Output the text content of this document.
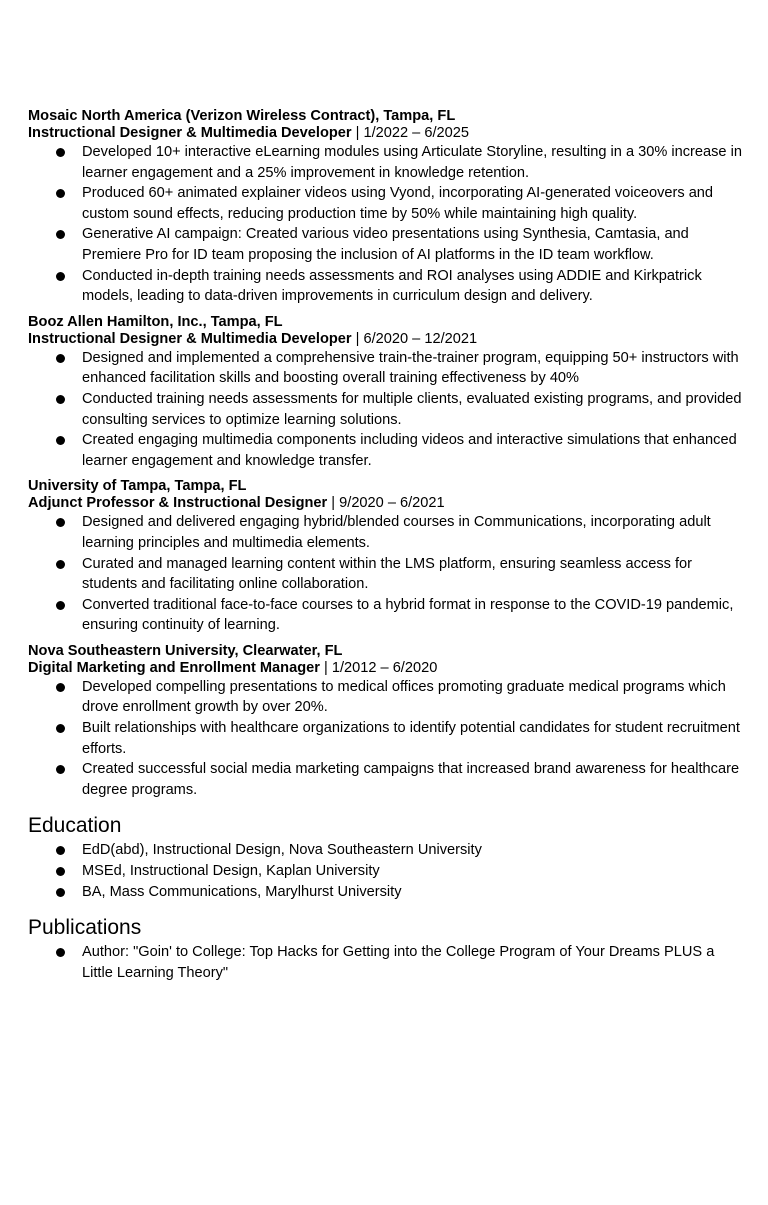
Mosaic North America (Verizon Wireless Contract), Tampa, FL

Instructional Designer & Multimedia Developer | 1/2022 – 6/2025

Developed 10+ interactive eLearning modules using Articulate Storyline, resulting in a 30% increase in learner engagement and a 25% improvement in knowledge retention.
Produced 60+ animated explainer videos using Vyond, incorporating AI-generated voiceovers and custom sound effects, reducing production time by 50% while maintaining high quality.
Generative AI campaign: Created various video presentations using Synthesia, Camtasia, and Premiere Pro for ID team proposing the inclusion of AI platforms in the ID team workflow.
Conducted in-depth training needs assessments and ROI analyses using ADDIE and Kirkpatrick models, leading to data-driven improvements in curriculum design and delivery.

Booz Allen Hamilton, Inc., Tampa, FL

Instructional Designer & Multimedia Developer | 6/2020 – 12/2021

Designed and implemented a comprehensive train-the-trainer program, equipping 50+ instructors with enhanced facilitation skills and boosting overall training effectiveness by 40%
Conducted training needs assessments for multiple clients, evaluated existing programs, and provided consulting services to optimize learning solutions.
Created engaging multimedia components including videos and interactive simulations that enhanced learner engagement and knowledge transfer.

University of Tampa, Tampa, FL

Adjunct Professor & Instructional Designer | 9/2020 – 6/2021

Designed and delivered engaging hybrid/blended courses in Communications, incorporating adult learning principles and multimedia elements.
Curated and managed learning content within the LMS platform, ensuring seamless access for students and facilitating online collaboration.
Converted traditional face-to-face courses to a hybrid format in response to the COVID-19 pandemic, ensuring continuity of learning.

Nova Southeastern University, Clearwater, FL

Digital Marketing and Enrollment Manager | 1/2012 – 6/2020

Developed compelling presentations to medical offices promoting graduate medical programs which drove enrollment growth by over 20%.
Built relationships with healthcare organizations to identify potential candidates for student recruitment efforts.
Created successful social media marketing campaigns that increased brand awareness for healthcare degree programs.
Education
EdD(abd), Instructional Design, Nova Southeastern University
MSEd, Instructional Design, Kaplan University
BA, Mass Communications, Marylhurst University
Publications
Author: "Goin' to College: Top Hacks for Getting into the College Program of Your Dreams PLUS a Little Learning Theory"
